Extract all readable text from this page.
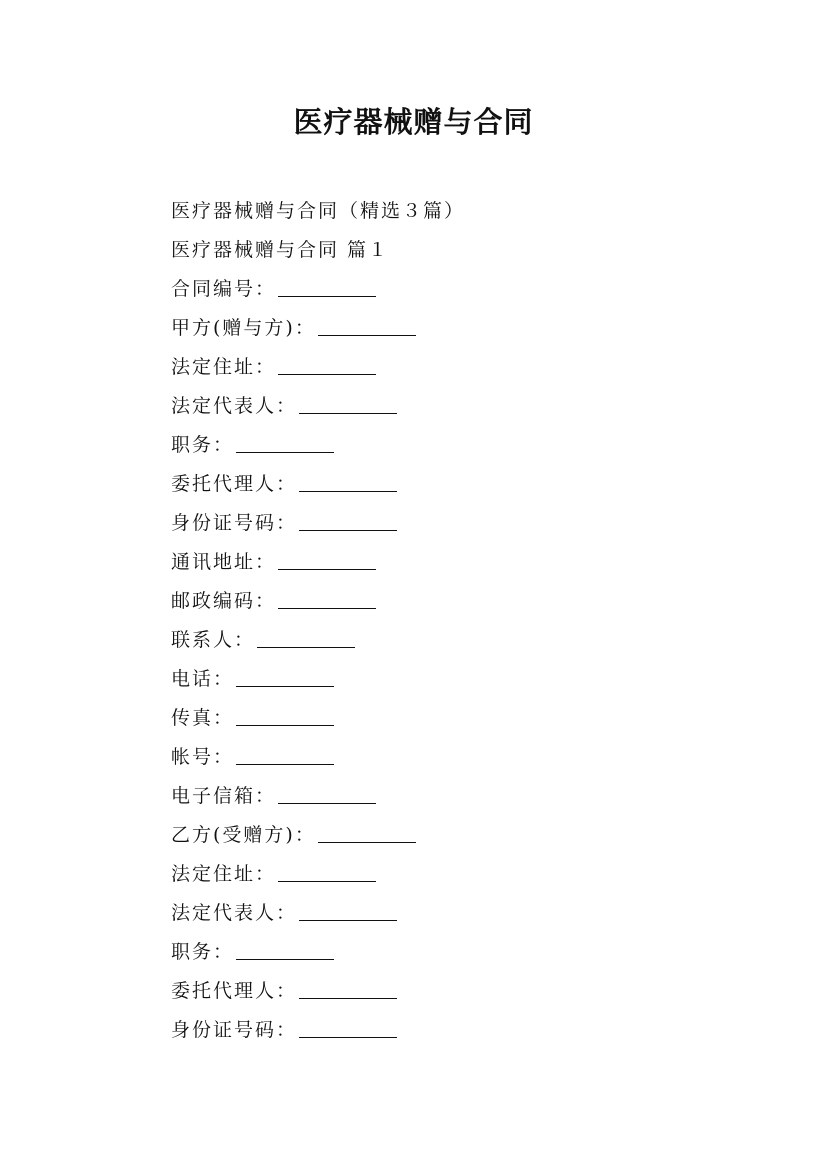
医疗器械赠与合同
医疗器械赠与合同（精选３篇）
医疗器械赠与合同 篇１
合同编号：
甲方(赠与方)：
法定住址：
法定代表人：
职务：
委托代理人：
身份证号码：
通讯地址：
邮政编码：
联系人：
电话：
传真：
帐号：
电子信箱：
乙方(受赠方)：
法定住址：
法定代表人：
职务：
委托代理人：
身份证号码：
